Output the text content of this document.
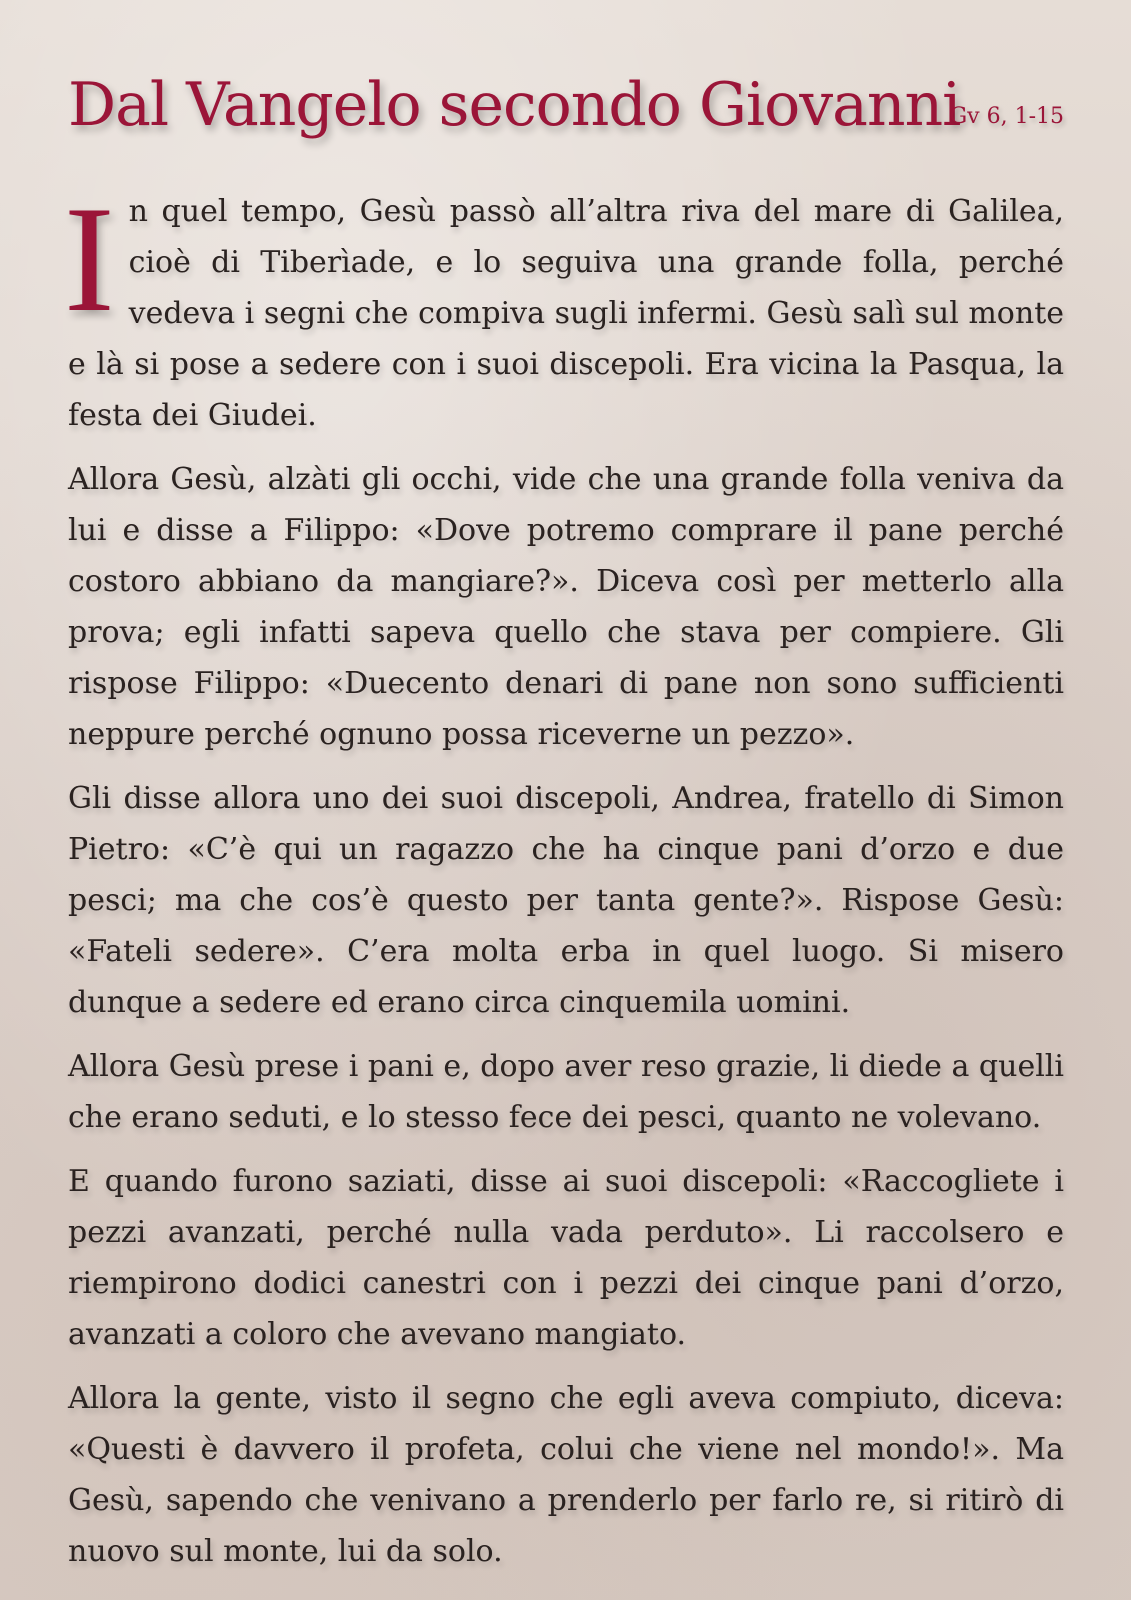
Dal Vangelo secondo Giovanni
Gv 6, 1-15

I n quel tempo, Gesù passò all’altra riva del mare di Galilea, cioè di Tiberìade, e lo seguiva una grande folla, perché vedeva i segni che compiva sugli infermi. Gesù salì sul monte e là si pose a sedere con i suoi discepoli. Era vicina la Pasqua, la festa dei Giudei.

Allora Gesù, alzàti gli occhi, vide che una grande folla veniva da lui e disse a Filippo: «Dove potremo comprare il pane perché costoro abbiano da mangiare?». Diceva così per metterlo alla prova; egli infatti sapeva quello che stava per compiere. Gli rispose Filippo: «Duecento denari di pane non sono sufficienti neppure perché ognuno possa riceverne un pezzo».

Gli disse allora uno dei suoi discepoli, Andrea, fratello di Simon Pietro: «C’è qui un ragazzo che ha cinque pani d’orzo e due pesci; ma che cos’è questo per tanta gente?». Rispose Gesù: «Fateli sedere». C’era molta erba in quel luogo. Si misero dunque a sedere ed erano circa cinquemila uomini.

Allora Gesù prese i pani e, dopo aver reso grazie, li diede a quelli che erano seduti, e lo stesso fece dei pesci, quanto ne volevano.

E quando furono saziati, disse ai suoi discepoli: «Raccogliete i pezzi avanzati, perché nulla vada perduto». Li raccolsero e riempirono dodici canestri con i pezzi dei cinque pani d’orzo, avanzati a coloro che avevano mangiato.

Allora la gente, visto il segno che egli aveva compiuto, diceva: «Questi è davvero il profeta, colui che viene nel mondo!». Ma Gesù, sapendo che venivano a prenderlo per farlo re, si ritirò di nuovo sul monte, lui da solo.
